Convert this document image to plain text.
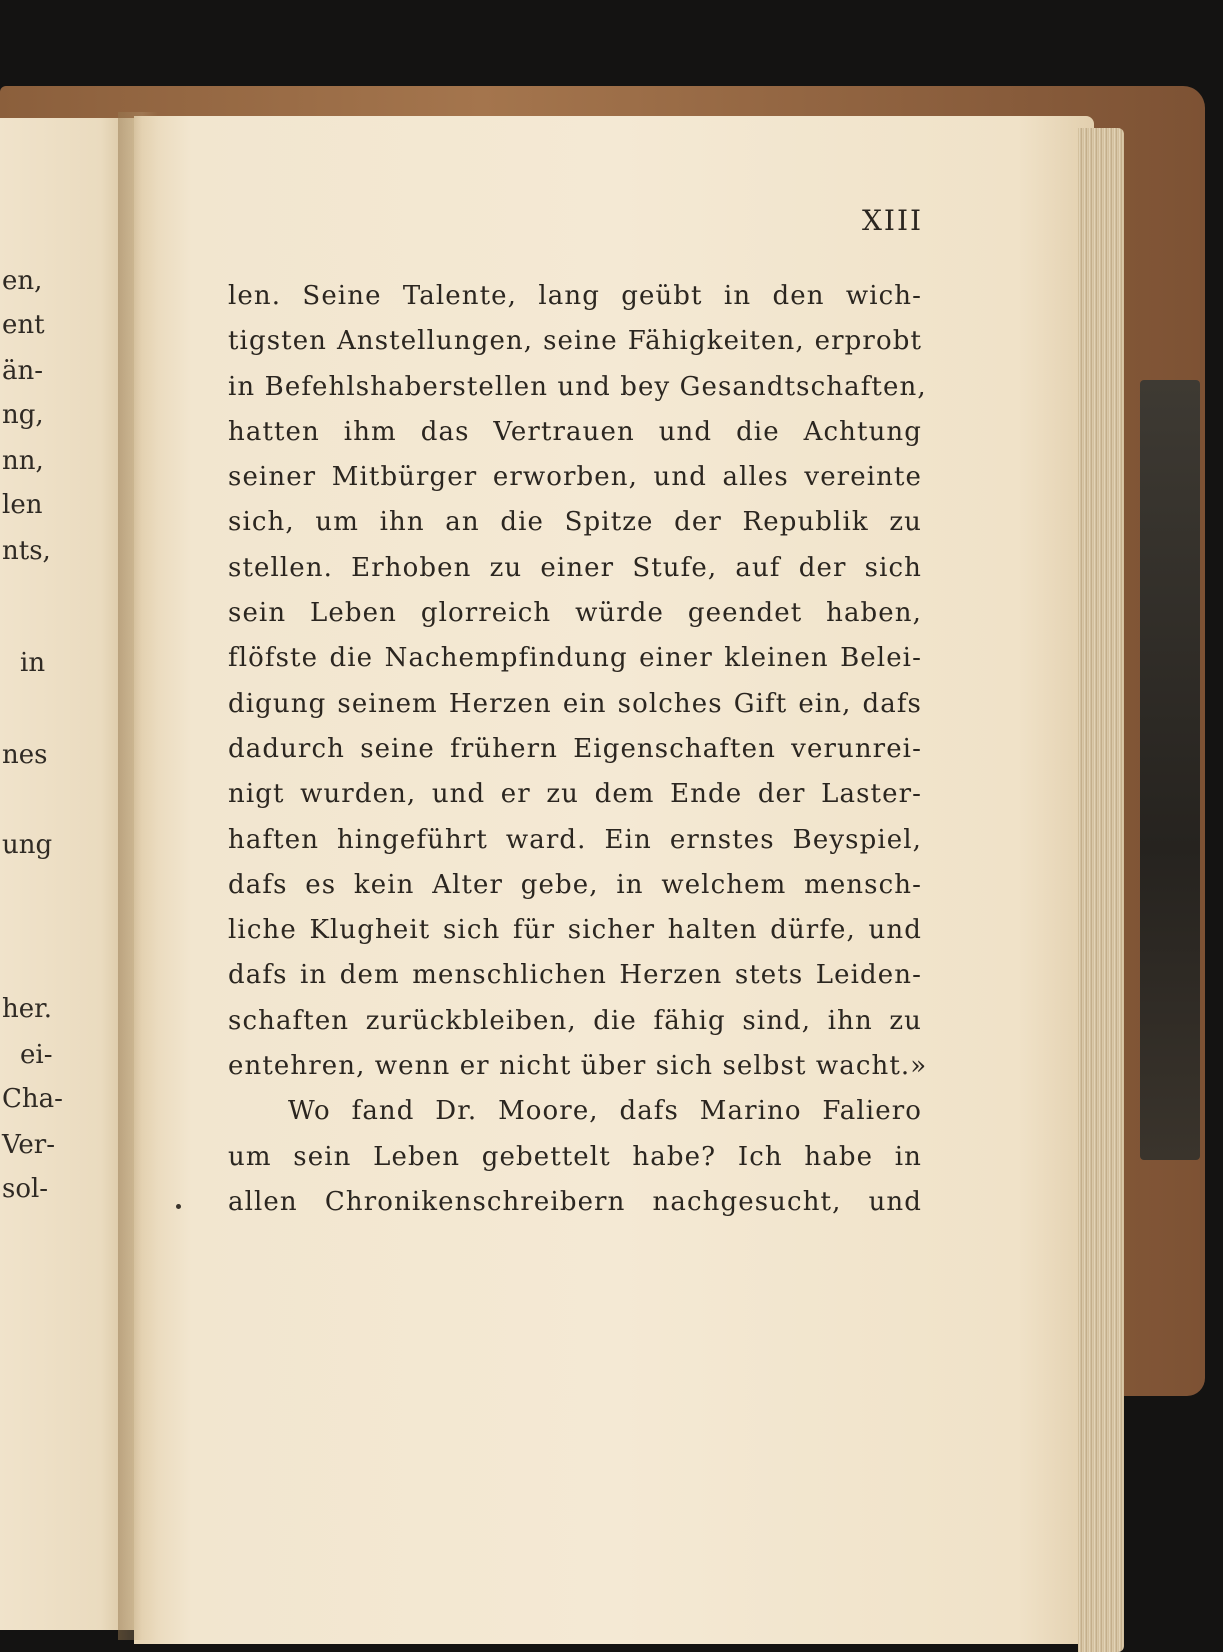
en,
ent
än-
ng,
nn,
len
nts,
in
nes
ung
her.
ei-
Cha-
Ver-
sol-
XIII
len. Seine Talente, lang geübt in den wich-
tigsten Anstellungen, seine Fähigkeiten, erprobt
in Befehlshaberstellen und bey Gesandtschaften,
hatten ihm das Vertrauen und die Achtung
seiner Mitbürger erworben, und alles vereinte
sich, um ihn an die Spitze der Republik zu
stellen. Erhoben zu einer Stufe, auf der sich
sein Leben glorreich würde geendet haben,
flöfste die Nachempfindung einer kleinen Belei-
digung seinem Herzen ein solches Gift ein, dafs
dadurch seine frühern Eigenschaften verunrei-
nigt wurden, und er zu dem Ende der Laster-
haften hingeführt ward. Ein ernstes Beyspiel,
dafs es kein Alter gebe, in welchem mensch-
liche Klugheit sich für sicher halten dürfe, und
dafs in dem menschlichen Herzen stets Leiden-
schaften zurückbleiben, die fähig sind, ihn zu
entehren, wenn er nicht über sich selbst wacht.»
Wo fand Dr. Moore, dafs Marino Faliero
um sein Leben gebettelt habe? Ich habe in
allen Chronikenschreibern nachgesucht, und
